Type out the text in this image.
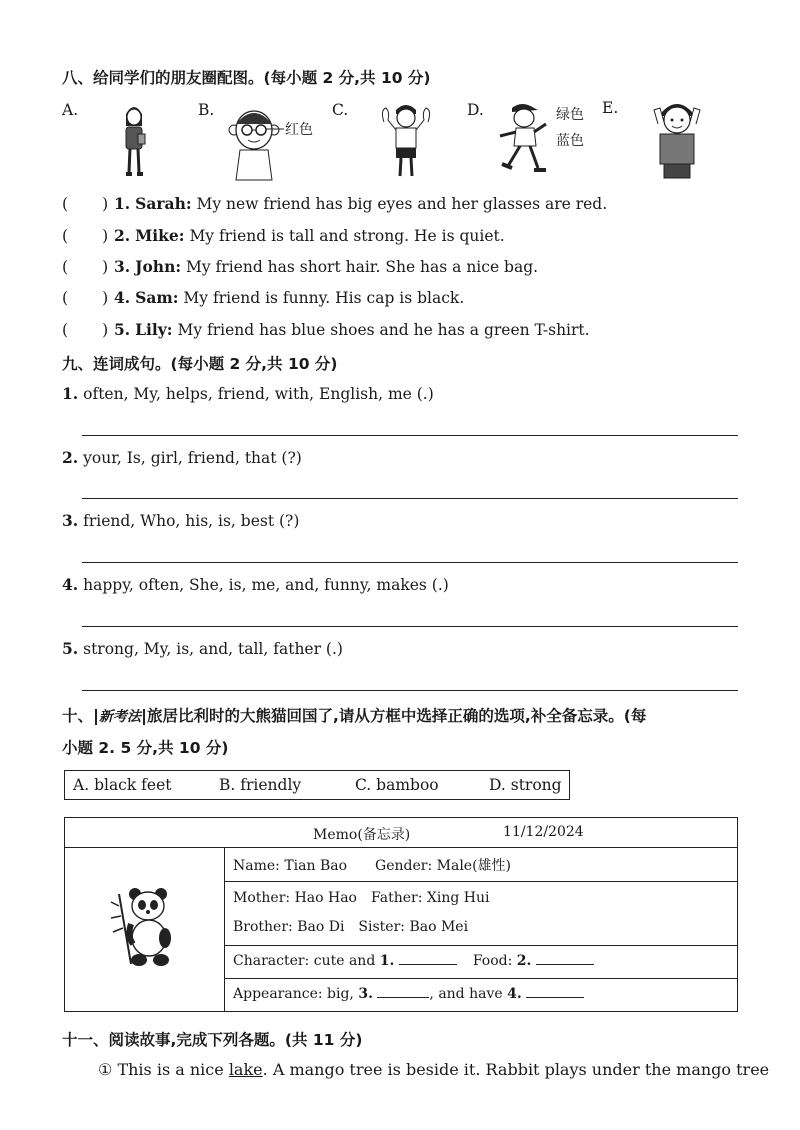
八、给同学们的朋友圈配图。(每小题 2 分,共 10 分)
A.	B.	C.	D.	E.
红色
绿色
蓝色
( ) 1. Sarah: My new friend has big eyes and her glasses are red.
( ) 2. Mike: My friend is tall and strong. He is quiet.
( ) 3. John: My friend has short hair. She has a nice bag.
( ) 4. Sam: My friend is funny. His cap is black.
( ) 5. Lily: My friend has blue shoes and he has a green T-shirt.
九、连词成句。(每小题 2 分,共 10 分)
1. often, My, helps, friend, with, English, me (.)
2. your, Is, girl, friend, that (?)
3. friend, Who, his, is, best (?)
4. happy, often, She, is, me, and, funny, makes (.)
5. strong, My, is, and, tall, father (.)
十、 新考法 旅居比利时的大熊猫回国了,请从方框中选择正确的选项,补全备忘录。(每
小题 2. 5 分,共 10 分)
A. black feet	B. friendly	C. bamboo	D. strong
Memo(备忘录)	11/12/2024
Name: Tian Bao Gender: Male(雄性)
Mother: Hao Hao Father: Xing Hui
Brother: Bao Di Sister: Bao Mei
Character: cute and 1.	Food: 2.
Appearance: big, 3.	, and have 4.
十一、阅读故事,完成下列各题。(共 11 分)
① This is a nice lake. A mango tree is beside it. Rabbit plays under the mango tree
